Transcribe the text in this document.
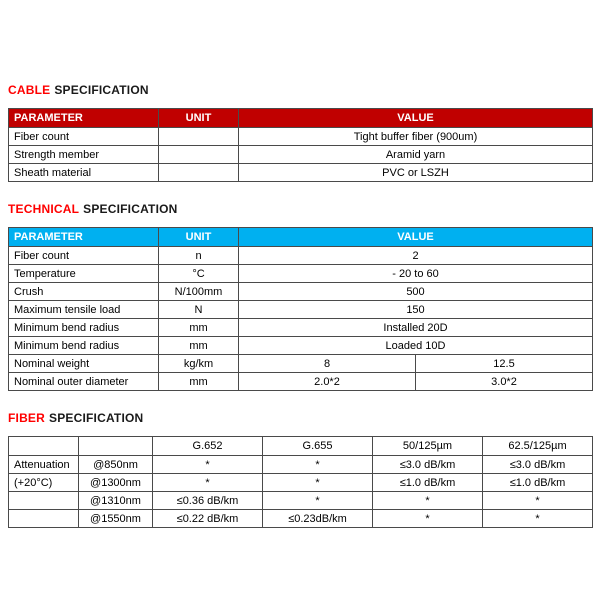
CABLE SPECIFICATION
PARAMETER	UNIT	VALUE
Fiber count		Tight buffer fiber (900um)
Strength member		Aramid yarn
Sheath material		PVC or LSZH
TECHNICAL SPECIFICATION
PARAMETER	UNIT	VALUE	
Fiber count	n	2	
Temperature	°C	- 20 to 60	
Crush	N/100mm	500	
Maximum tensile load	N	150	
Minimum bend radius	mm	Installed 20D	
Minimum bend radius	mm	Loaded 10D	
Nominal weight	kg/km	8	12.5
Nominal outer diameter	mm	2.0*2	3.0*2
FIBER SPECIFICATION
		G.652	G.655	50/125µm	62.5/125µm
Attenuation	@850nm	*	*	≤3.0 dB/km	≤3.0 dB/km
(+20°C)	@1300nm	*	*	≤1.0 dB/km	≤1.0 dB/km
	@1310nm	≤0.36 dB/km	*	*	*
	@1550nm	≤0.22 dB/km	≤0.23dB/km	*	*
